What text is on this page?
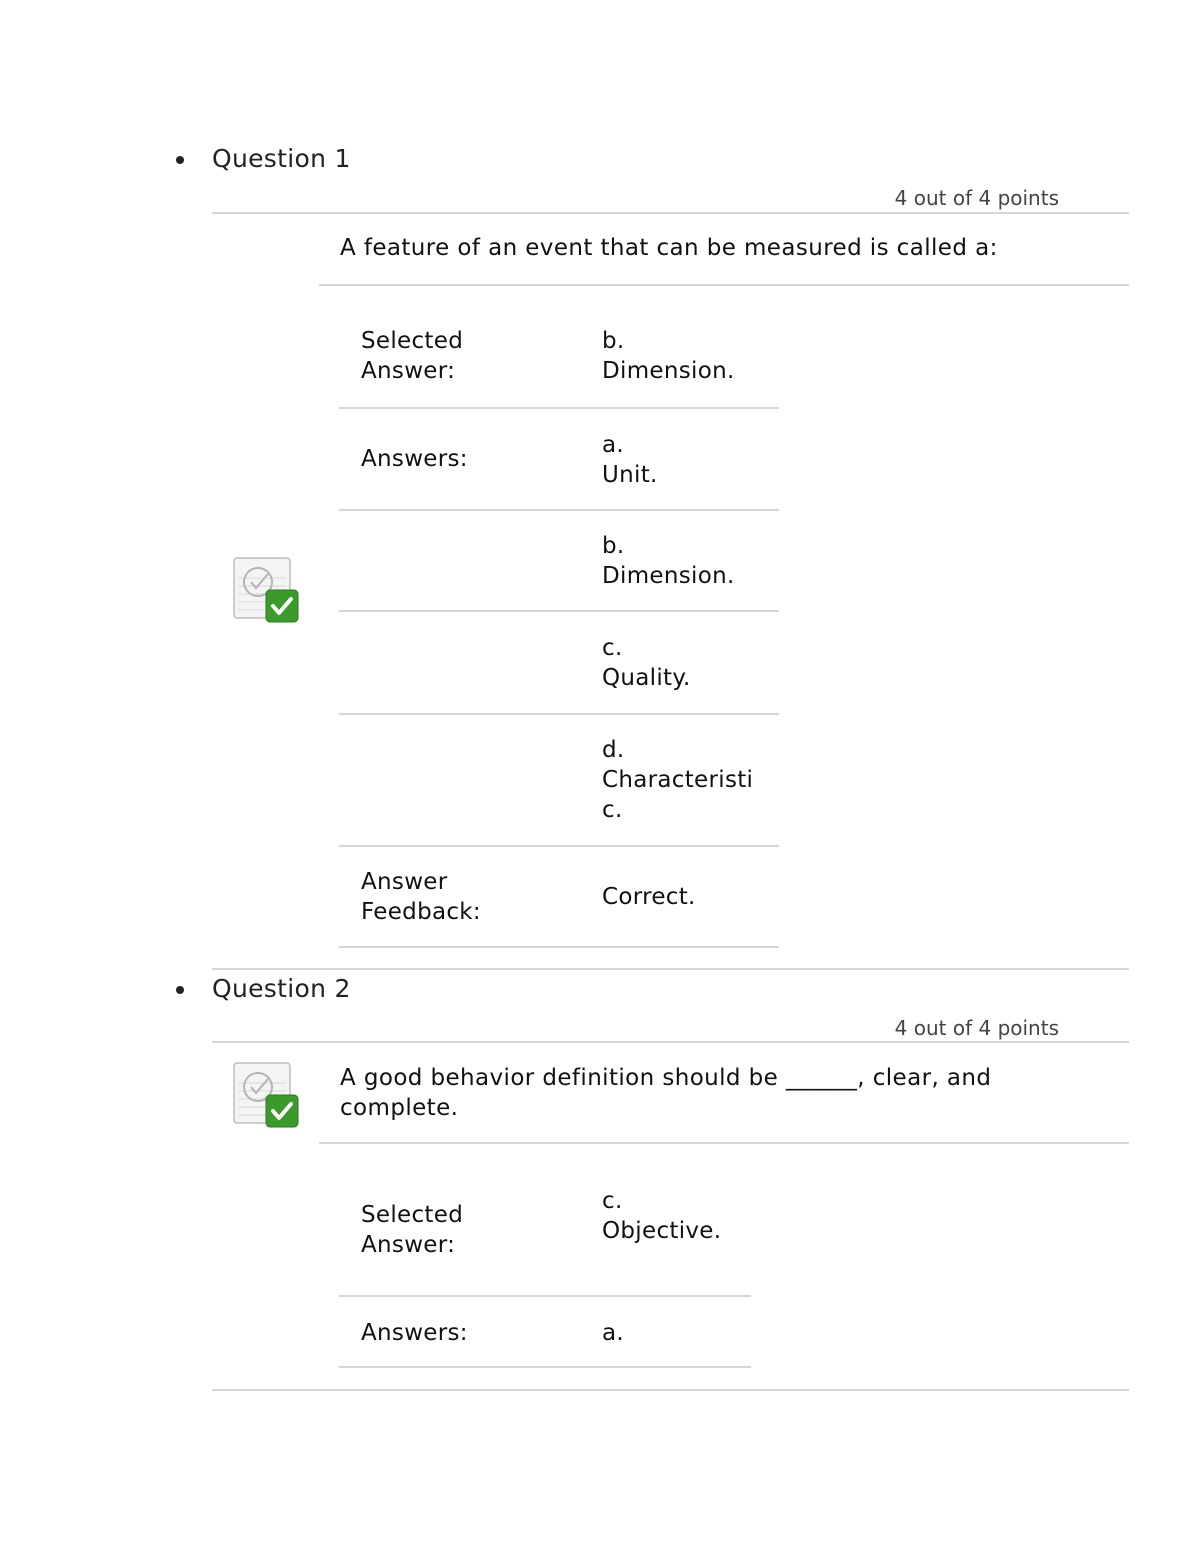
Question 1
4 out of 4 points
A feature of an event that can be measured is called a:
Selected Answer:
b.
Dimension.
Answers:
a.
Unit.
b.
Dimension.
c.
Quality.
d.
Characteristic.
Answer Feedback:
Correct.
Question 2
4 out of 4 points
A good behavior definition should be ______, clear, and complete.
Selected Answer:
c.
Objective.
Answers:	a.
